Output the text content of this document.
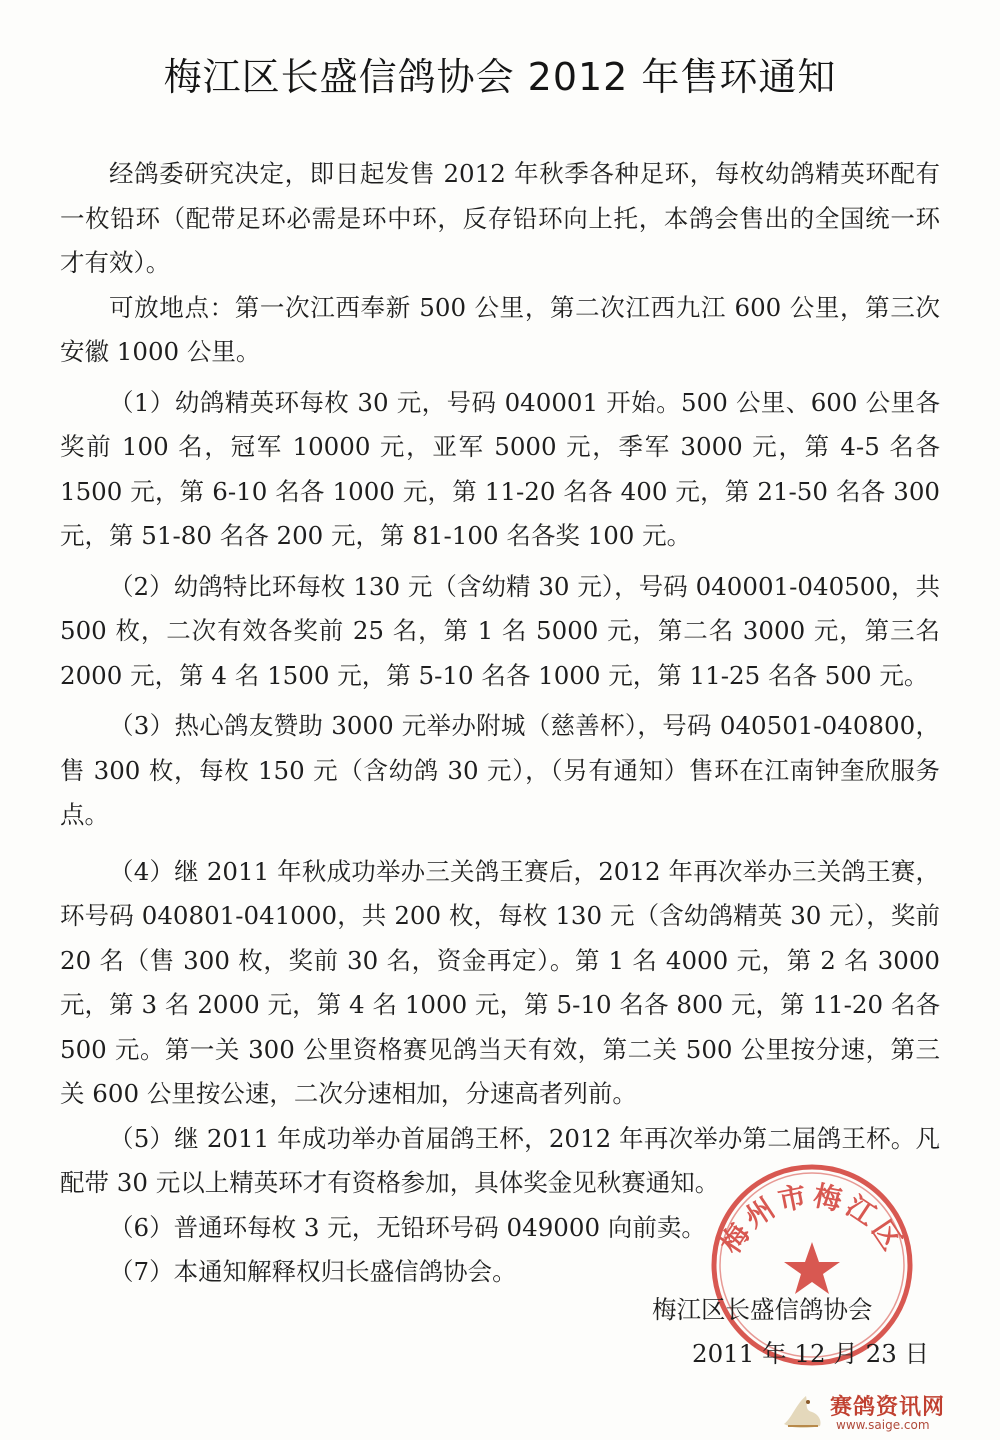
梅江区长盛信鸽协会 2012 年售环通知

经鸽委研究决定，即日起发售 2012 年秋季各种足环，每枚幼鸽精英环配有一枚铅环（配带足环必需是环中环，反存铅环向上托，本鸽会售出的全国统一环才有效）。

可放地点：第一次江西奉新 500 公里，第二次江西九江 600 公里，第三次安徽 1000 公里。

（1）幼鸽精英环每枚 30 元，号码 040001 开始。500 公里、600 公里各奖前 100 名，冠军 10000 元，亚军 5000 元，季军 3000 元，第 4-5 名各 1500 元，第 6-10 名各 1000 元，第 11-20 名各 400 元，第 21-50 名各 300 元，第 51-80 名各 200 元，第 81-100 名各奖 100 元。

（2）幼鸽特比环每枚 130 元（含幼精 30 元），号码 040001-040500，共 500 枚，二次有效各奖前 25 名，第 1 名 5000 元，第二名 3000 元，第三名 2000 元，第 4 名 1500 元，第 5-10 名各 1000 元，第 11-25 名各 500 元。

（3）热心鸽友赞助 3000 元举办附城（慈善杯），号码 040501-040800，售 300 枚，每枚 150 元（含幼鸽 30 元），（另有通知）售环在江南钟奎欣服务点。

（4）继 2011 年秋成功举办三关鸽王赛后，2012 年再次举办三关鸽王赛，环号码 040801-041000，共 200 枚，每枚 130 元（含幼鸽精英 30 元），奖前 20 名（售 300 枚，奖前 30 名，资金再定）。第 1 名 4000 元，第 2 名 3000 元，第 3 名 2000 元，第 4 名 1000 元，第 5-10 名各 800 元，第 11-20 名各 500 元。第一关 300 公里资格赛见鸽当天有效，第二关 500 公里按分速，第三关 600 公里按公速，二次分速相加，分速高者列前。

（5）继 2011 年成功举办首届鸽王杯，2012 年再次举办第二届鸽王杯。凡配带 30 元以上精英环才有资格参加，具体奖金见秋赛通知。

（6）普通环每枚 3 元，无铅环号码 049000 向前卖。

（7）本通知解释权归长盛信鸽协会。

梅州市梅江区
梅江区长盛信鸽协会
2011 年 12 月 23 日
赛鸽资讯网
www.saige.com
